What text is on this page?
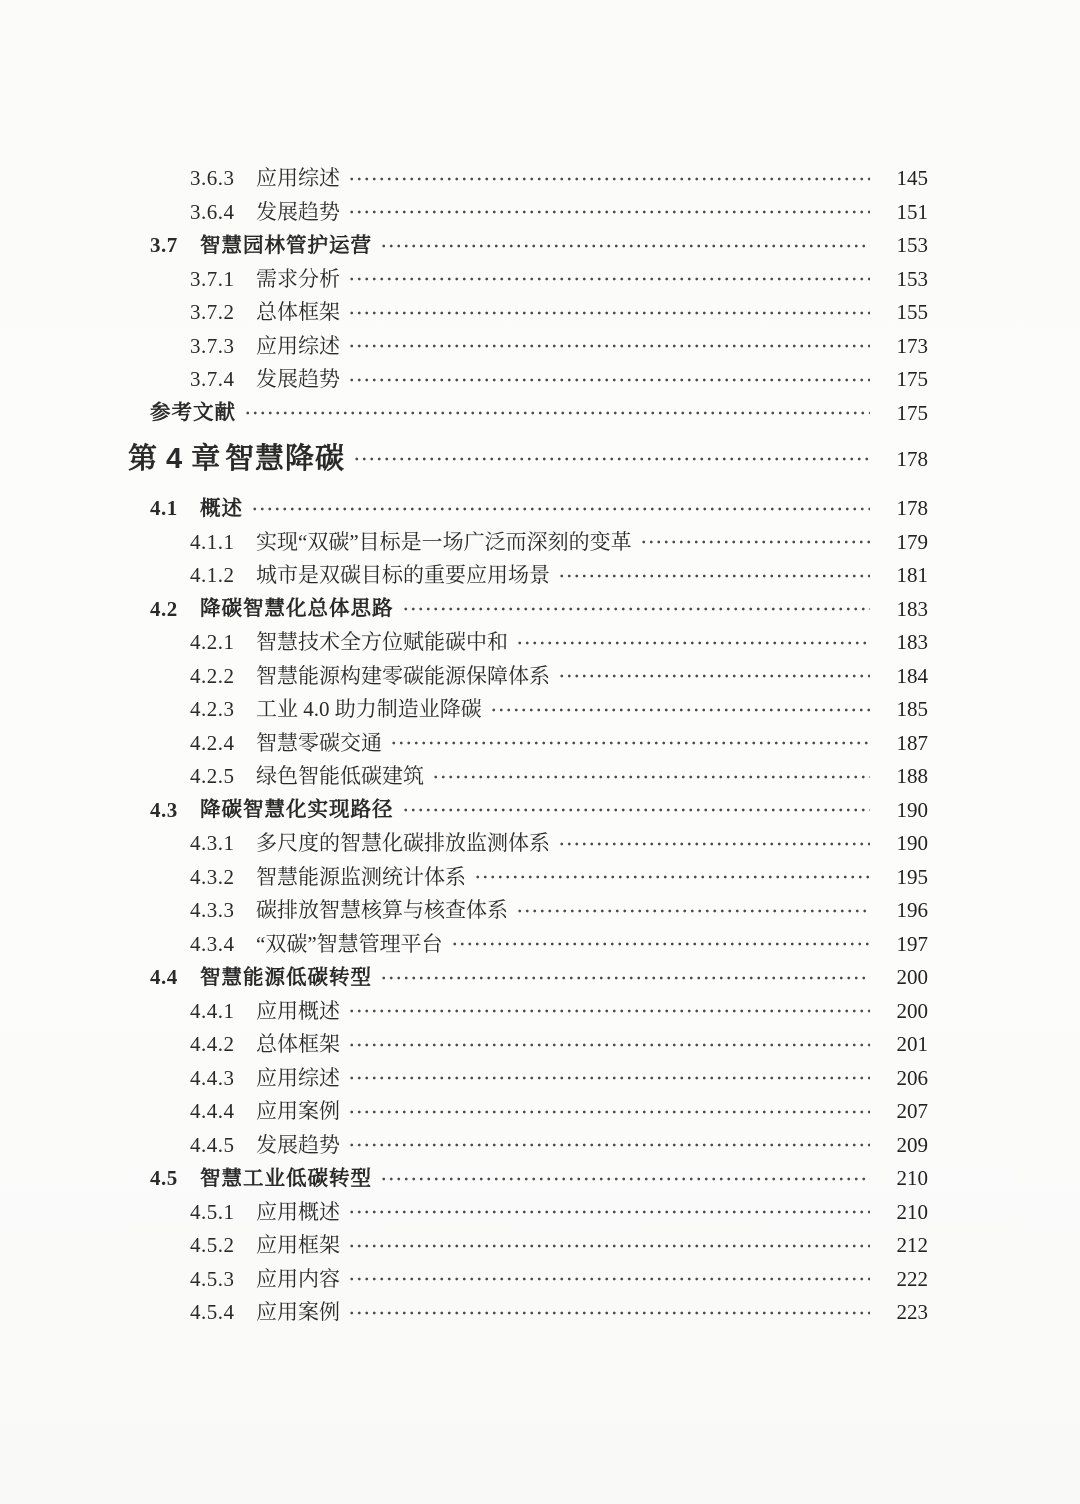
3.6.3	应用综述	145
3.6.4	发展趋势	151
3.7	智慧园林管护运营	153
3.7.1	需求分析	153
3.7.2	总体框架	155
3.7.3	应用综述	173
3.7.4	发展趋势	175
参考文献	175
第 4 章 智慧降碳	178
4.1	概述	178
4.1.1	实现“双碳”目标是一场广泛而深刻的变革	179
4.1.2	城市是双碳目标的重要应用场景	181
4.2	降碳智慧化总体思路	183
4.2.1	智慧技术全方位赋能碳中和	183
4.2.2	智慧能源构建零碳能源保障体系	184
4.2.3	工业 4.0 助力制造业降碳	185
4.2.4	智慧零碳交通	187
4.2.5	绿色智能低碳建筑	188
4.3	降碳智慧化实现路径	190
4.3.1	多尺度的智慧化碳排放监测体系	190
4.3.2	智慧能源监测统计体系	195
4.3.3	碳排放智慧核算与核查体系	196
4.3.4	“双碳”智慧管理平台	197
4.4	智慧能源低碳转型	200
4.4.1	应用概述	200
4.4.2	总体框架	201
4.4.3	应用综述	206
4.4.4	应用案例	207
4.4.5	发展趋势	209
4.5	智慧工业低碳转型	210
4.5.1	应用概述	210
4.5.2	应用框架	212
4.5.3	应用内容	222
4.5.4	应用案例	223
